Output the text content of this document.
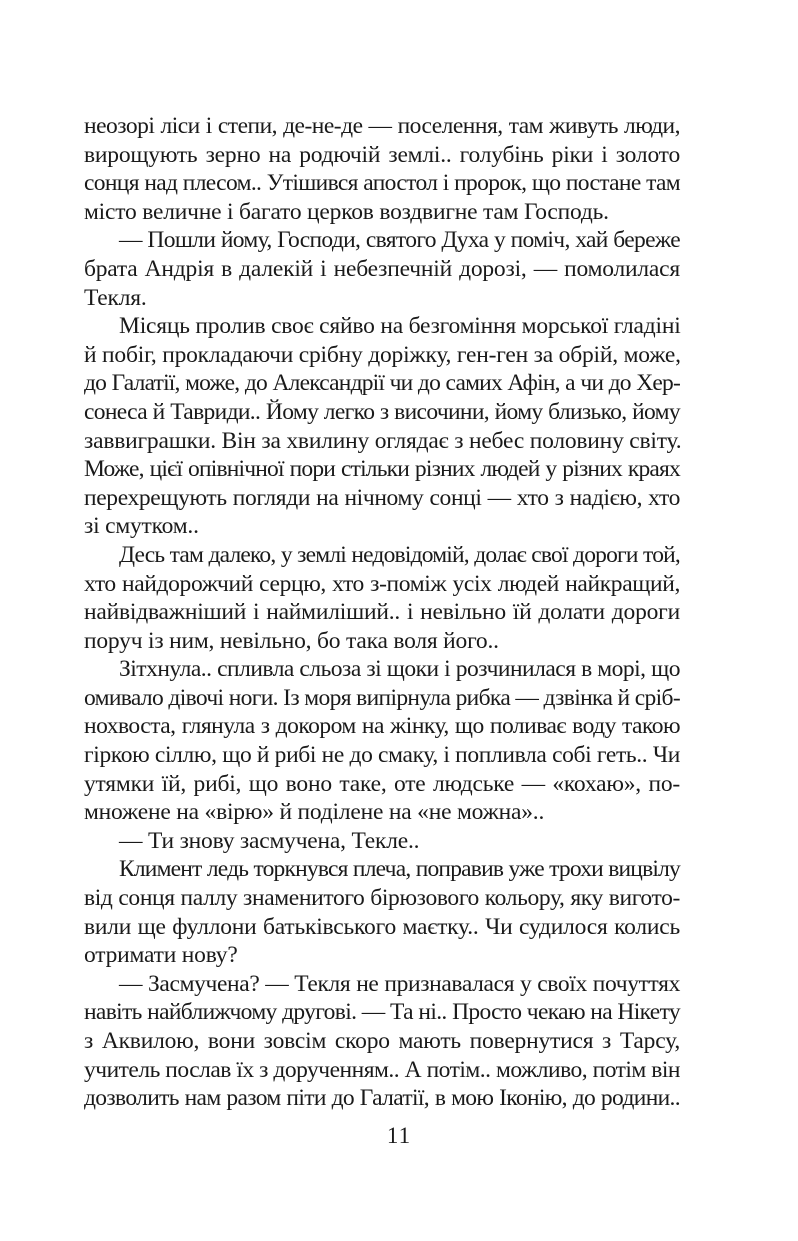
неозорі ліси і степи, де-не-де — поселення, там живуть люди,
вирощують зерно на родючій землі.. голубінь ріки і золото
сонця над плесом.. Утішився апостол і пророк, що постане там
місто величне і багато церков воздвигне там Господь.
— Пошли йому, Господи, святого Духа у поміч, хай береже
брата Андрія в далекій і небезпечній дорозі, — помолилася
Текля.
Місяць пролив своє сяйво на безгоміння морської гладіні
й побіг, прокладаючи срібну доріжку, ген-ген за обрій, може,
до Галатії, може, до Александрії чи до самих Афін, а чи до Хер-
сонеса й Тавриди.. Йому легко з височини, йому близько, йому
заввиграшки. Він за хвилину оглядає з небес половину світу.
Може, цієї опівнічної пори стільки різних людей у різних краях
перехрещують погляди на нічному сонці — хто з надією, хто
зі смутком..
Десь там далеко, у землі недовідомій, долає свої дороги той,
хто найдорожчий серцю, хто з-поміж усіх людей найкращий,
найвідважніший і наймиліший.. і невільно їй долати дороги
поруч із ним, невільно, бо така воля його..
Зітхнула.. спливла сльоза зі щоки і розчинилася в морі, що
омивало дівочі ноги. Із моря випірнула рибка — дзвінка й сріб-
нохвоста, глянула з докором на жінку, що поливає воду такою
гіркою сіллю, що й рибі не до смаку, і попливла собі геть.. Чи
утямки їй, рибі, що воно таке, оте людське — «кохаю», по-
множене на «вірю» й поділене на «не можна»..
— Ти знову засмучена, Текле..
Климент ледь торкнувся плеча, поправив уже трохи вицвілу
від сонця паллу знаменитого бірюзового кольору, яку вигото-
вили ще фуллони батьківського маєтку.. Чи судилося колись
отримати нову?
— Засмучена? — Текля не признавалася у своїх почуттях
навіть найближчому другові. — Та ні.. Просто чекаю на Нікету
з Аквилою, вони зовсім скоро мають повернутися з Тарсу,
учитель послав їх з дорученням.. А потім.. можливо, потім він
дозволить нам разом піти до Галатії, в мою Іконію, до родини..
11
